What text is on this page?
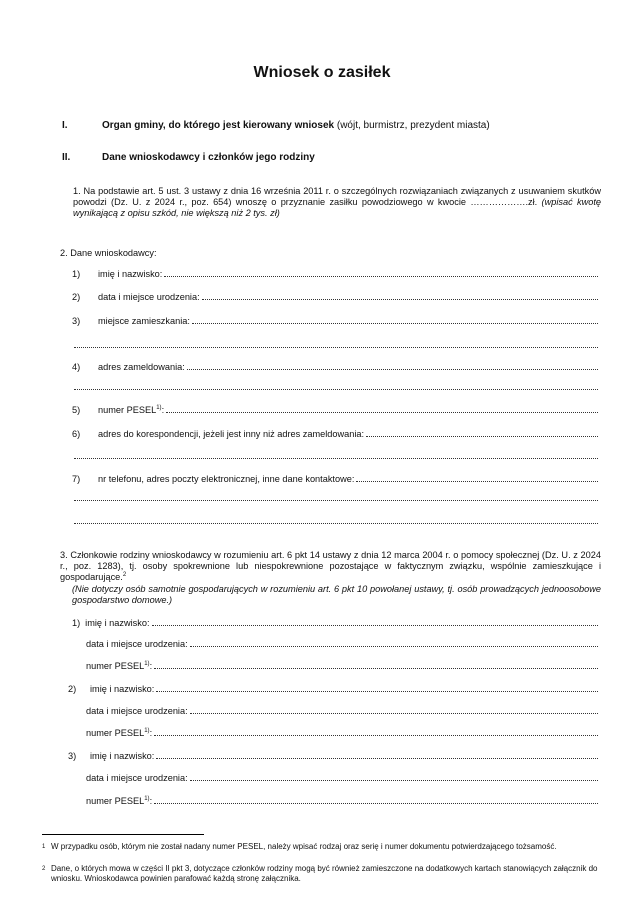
Wniosek o zasiłek
I.	Organ gminy, do którego jest kierowany wniosek (wójt, burmistrz, prezydent miasta)
II.	Dane wnioskodawcy i członków jego rodziny
1. Na podstawie art. 5 ust. 3 ustawy z dnia 16 września 2011 r. o szczególnych rozwiązaniach związanych z usuwaniem skutków powodzi (Dz. U. z 2024 r., poz. 654) wnoszę o przyznanie zasiłku powodziowego w kwocie ……………….zł. (wpisać kwotę wynikającą z opisu szkód, nie większą niż 2 tys. zł)
2. Dane wnioskodawcy:
1)	imię i nazwisko:
2)	data i miejsce urodzenia:
3)	miejsce zamieszkania:
4)	adres zameldowania:
5)	numer PESEL$^{1)}$:
6)	adres do korespondencji, jeżeli jest inny niż adres zameldowania:
7)	nr telefonu, adres poczty elektronicznej, inne dane kontaktowe:
3. Członkowie rodziny wnioskodawcy w rozumieniu art. 6 pkt 14 ustawy z dnia 12 marca 2004 r. o pomocy społecznej (Dz. U. z 2024 r., poz. 1283), tj. osoby spokrewnione lub niespokrewnione pozostające w faktycznym związku, wspólnie zamieszkujące i gospodarujące.$^2$
(Nie dotyczy osób samotnie gospodarujących w rozumieniu art. 6 pkt 10 powołanej ustawy, tj. osób prowadzących jednoosobowe gospodarstwo domowe.)
1) imię i nazwisko:
data i miejsce urodzenia:
numer PESEL$^{1)}$:
2)	imię i nazwisko:
data i miejsce urodzenia:
numer PESEL$^{1)}$:
3)	imię i nazwisko:
data i miejsce urodzenia:
numer PESEL$^{1)}$:
1 W przypadku osób, którym nie został nadany numer PESEL, należy wpisać rodzaj oraz serię i numer dokumentu potwierdzającego tożsamość.
2 Dane, o których mowa w części II pkt 3, dotyczące członków rodziny mogą być również zamieszczone na dodatkowych kartach stanowiących załącznik do wniosku. Wnioskodawca powinien parafować każdą stronę załącznika.
